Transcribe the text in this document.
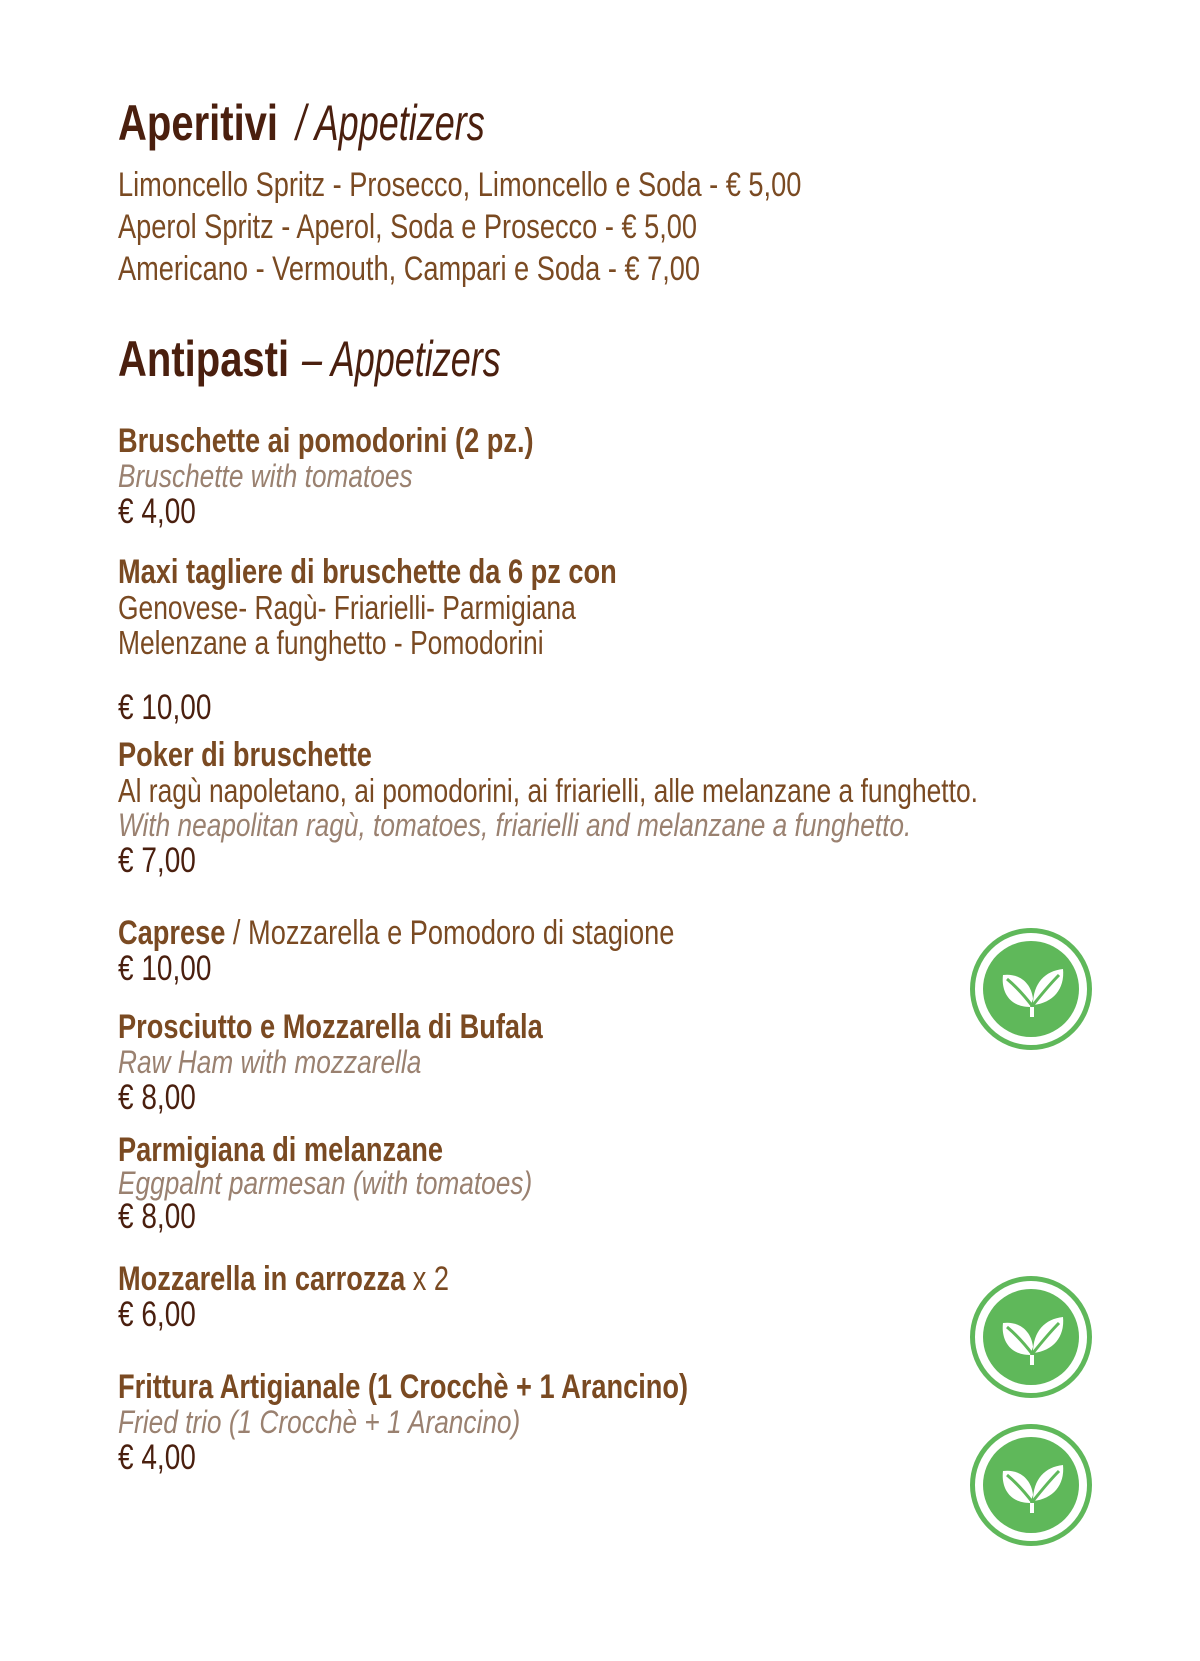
Aperitivi/ Appetizers
Limoncello Spritz - Prosecco, Limoncello e Soda - € 5,00
Aperol Spritz - Aperol, Soda e Prosecco - € 5,00
Americano - Vermouth, Campari e Soda - € 7,00
Antipasti– Appetizers
Bruschette ai pomodorini (2 pz.)
Bruschette with tomatoes
€ 4,00
Maxi tagliere di bruschette da 6 pz con
Genovese- Ragù- Friarielli- Parmigiana
Melenzane a funghetto - Pomodorini
€ 10,00
Poker di bruschette
Al ragù napoletano, ai pomodorini, ai friarielli, alle melanzane a funghetto.
With neapolitan ragù, tomatoes, friarielli and melanzane a funghetto.
€ 7,00
Caprese / Mozzarella e Pomodoro di stagione
€ 10,00
Prosciutto e Mozzarella di Bufala
Raw Ham with mozzarella
€ 8,00
Parmigiana di melanzane
Eggpalnt parmesan (with tomatoes)
€ 8,00
Mozzarella in carrozza x 2
€ 6,00
Frittura Artigianale (1 Crocchè + 1 Arancino)
Fried trio (1 Crocchè + 1 Arancino)
€ 4,00
